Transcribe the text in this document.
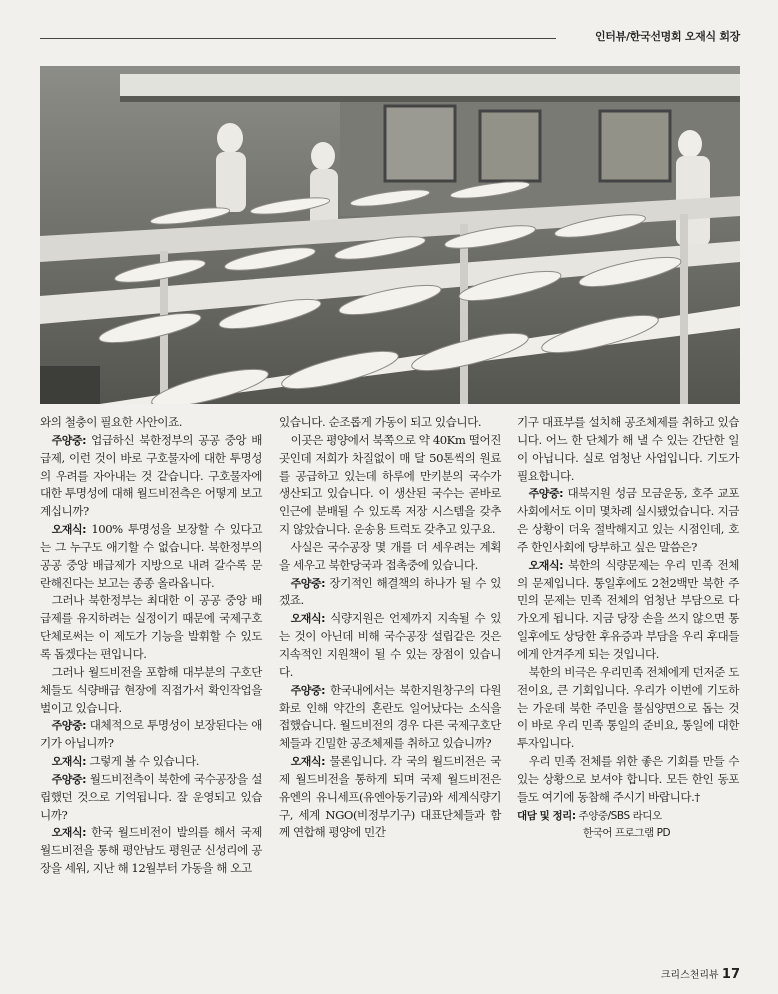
인터뷰/한국선명회 오재식 회장

와의 철충이 필요한 사안이죠.

주양중: 업급하신 북한정부의 공공 중앙 배급제, 이런 것이 바로 구호물자에 대한 투명성의 우려를 자아내는 것 같습니다. 구호물자에 대한 투명성에 대해 월드비전측은 어떻게 보고 계십니까?

오재식: 100% 투명성을 보장할 수 있다고는 그 누구도 애기할 수 없습니다. 북한정부의 공공 중앙 배급제가 지방으로 내려 갈수록 문란해진다는 보고는 종종 올라옵니다.

그러나 북한정부는 최대한 이 공공 중앙 배급제를 유지하려는 실정이기 때문에 국제구호단체로써는 이 제도가 기능을 발휘할 수 있도록 돕겠다는 편입니다.

그러나 월드비전을 포함해 대부분의 구호단체들도 식량배급 현장에 직접가서 확인작업을 벌이고 있습니다.

주양중: 대체적으로 투명성이 보장된다는 애기가 아닙니까?

오재식: 그렇게 볼 수 있습니다.

주양중: 월드비전측이 북한에 국수공장을 설립했던 것으로 기억됩니다. 잘 운영되고 있습니까?

오재식: 한국 월드비전이 발의를 해서 국제 월드비전을 통해 평안남도 평원군 신성리에 공장을 세워, 지난 해 12월부터 가동을 해 오고

있습니다. 순조롭게 가동이 되고 있습니다.

이곳은 평양에서 북쪽으로 약 40Km 떨어진 곳인데 저희가 차질없이 매 달 50톤씩의 원료를 공급하고 있는데 하루에 만키분의 국수가 생산되고 있습니다. 이 생산된 국수는 곧바로 인근에 분배될 수 있도록 저장 시스템을 갖추지 않았습니다. 운송용 트럭도 갖추고 있구요.

사실은 국수공장 몇 개를 더 세우려는 계획을 세우고 북한당국과 접촉중에 있습니다.

주양중: 장기적인 해결책의 하나가 될 수 있겠죠.

오재식: 식량지원은 언제까지 지속될 수 있는 것이 아닌데 비해 국수공장 설립같은 것은 지속적인 지원책이 될 수 있는 장점이 있습니다.

주양중: 한국내에서는 북한지원창구의 다원화로 인해 약간의 혼란도 일어났다는 소식을 접했습니다. 월드비전의 경우 다른 국제구호단체들과 긴밀한 공조체제를 취하고 있습니까?

오재식: 물론입니다. 각 국의 월드비전은 국제 월드비전을 통하게 되며 국제 월드비전은 유엔의 유니세프(유엔아동기금)와 세계식량기구, 세계 NGO(비정부기구) 대표단체들과 함께 연합해 평양에 민간

기구 대표부를 설치해 공조체제를 취하고 있습니다. 어느 한 단체가 해 낼 수 있는 간단한 일이 아닙니다. 실로 엄청난 사업입니다. 기도가 필요합니다.

주양중: 대북지원 성금 모금운동, 호주 교포사회에서도 이미 몇차례 실시됐었습니다. 지금은 상황이 더욱 절박해지고 있는 시점인데, 호주 한인사회에 당부하고 싶은 말씀은?

오재식: 북한의 식량문제는 우리 민족 전체의 문제입니다. 통일후에도 2천2백만 북한 주민의 문제는 민족 전체의 엄청난 부담으로 다가오게 됩니다. 지금 당장 손을 쓰지 않으면 통일후에도 상당한 후유증과 부담을 우리 후대들에게 안겨주게 되는 것입니다.

북한의 비극은 우리민족 전체에게 던저준 도전이요, 큰 기회입니다. 우리가 이번에 기도하는 가운데 북한 주민을 물심양면으로 돕는 것이 바로 우리 민족 통일의 준비요, 통일에 대한 투자입니다.

우리 민족 전체를 위한 좋은 기회를 만들 수 있는 상황으로 보셔야 합니다. 모든 한인 동포들도 여기에 동참해 주시기 바랍니다.†

대담 및 정리: 주양중/SBS 라디오
한국어 프로그램 PD

크리스천리뷰 17
